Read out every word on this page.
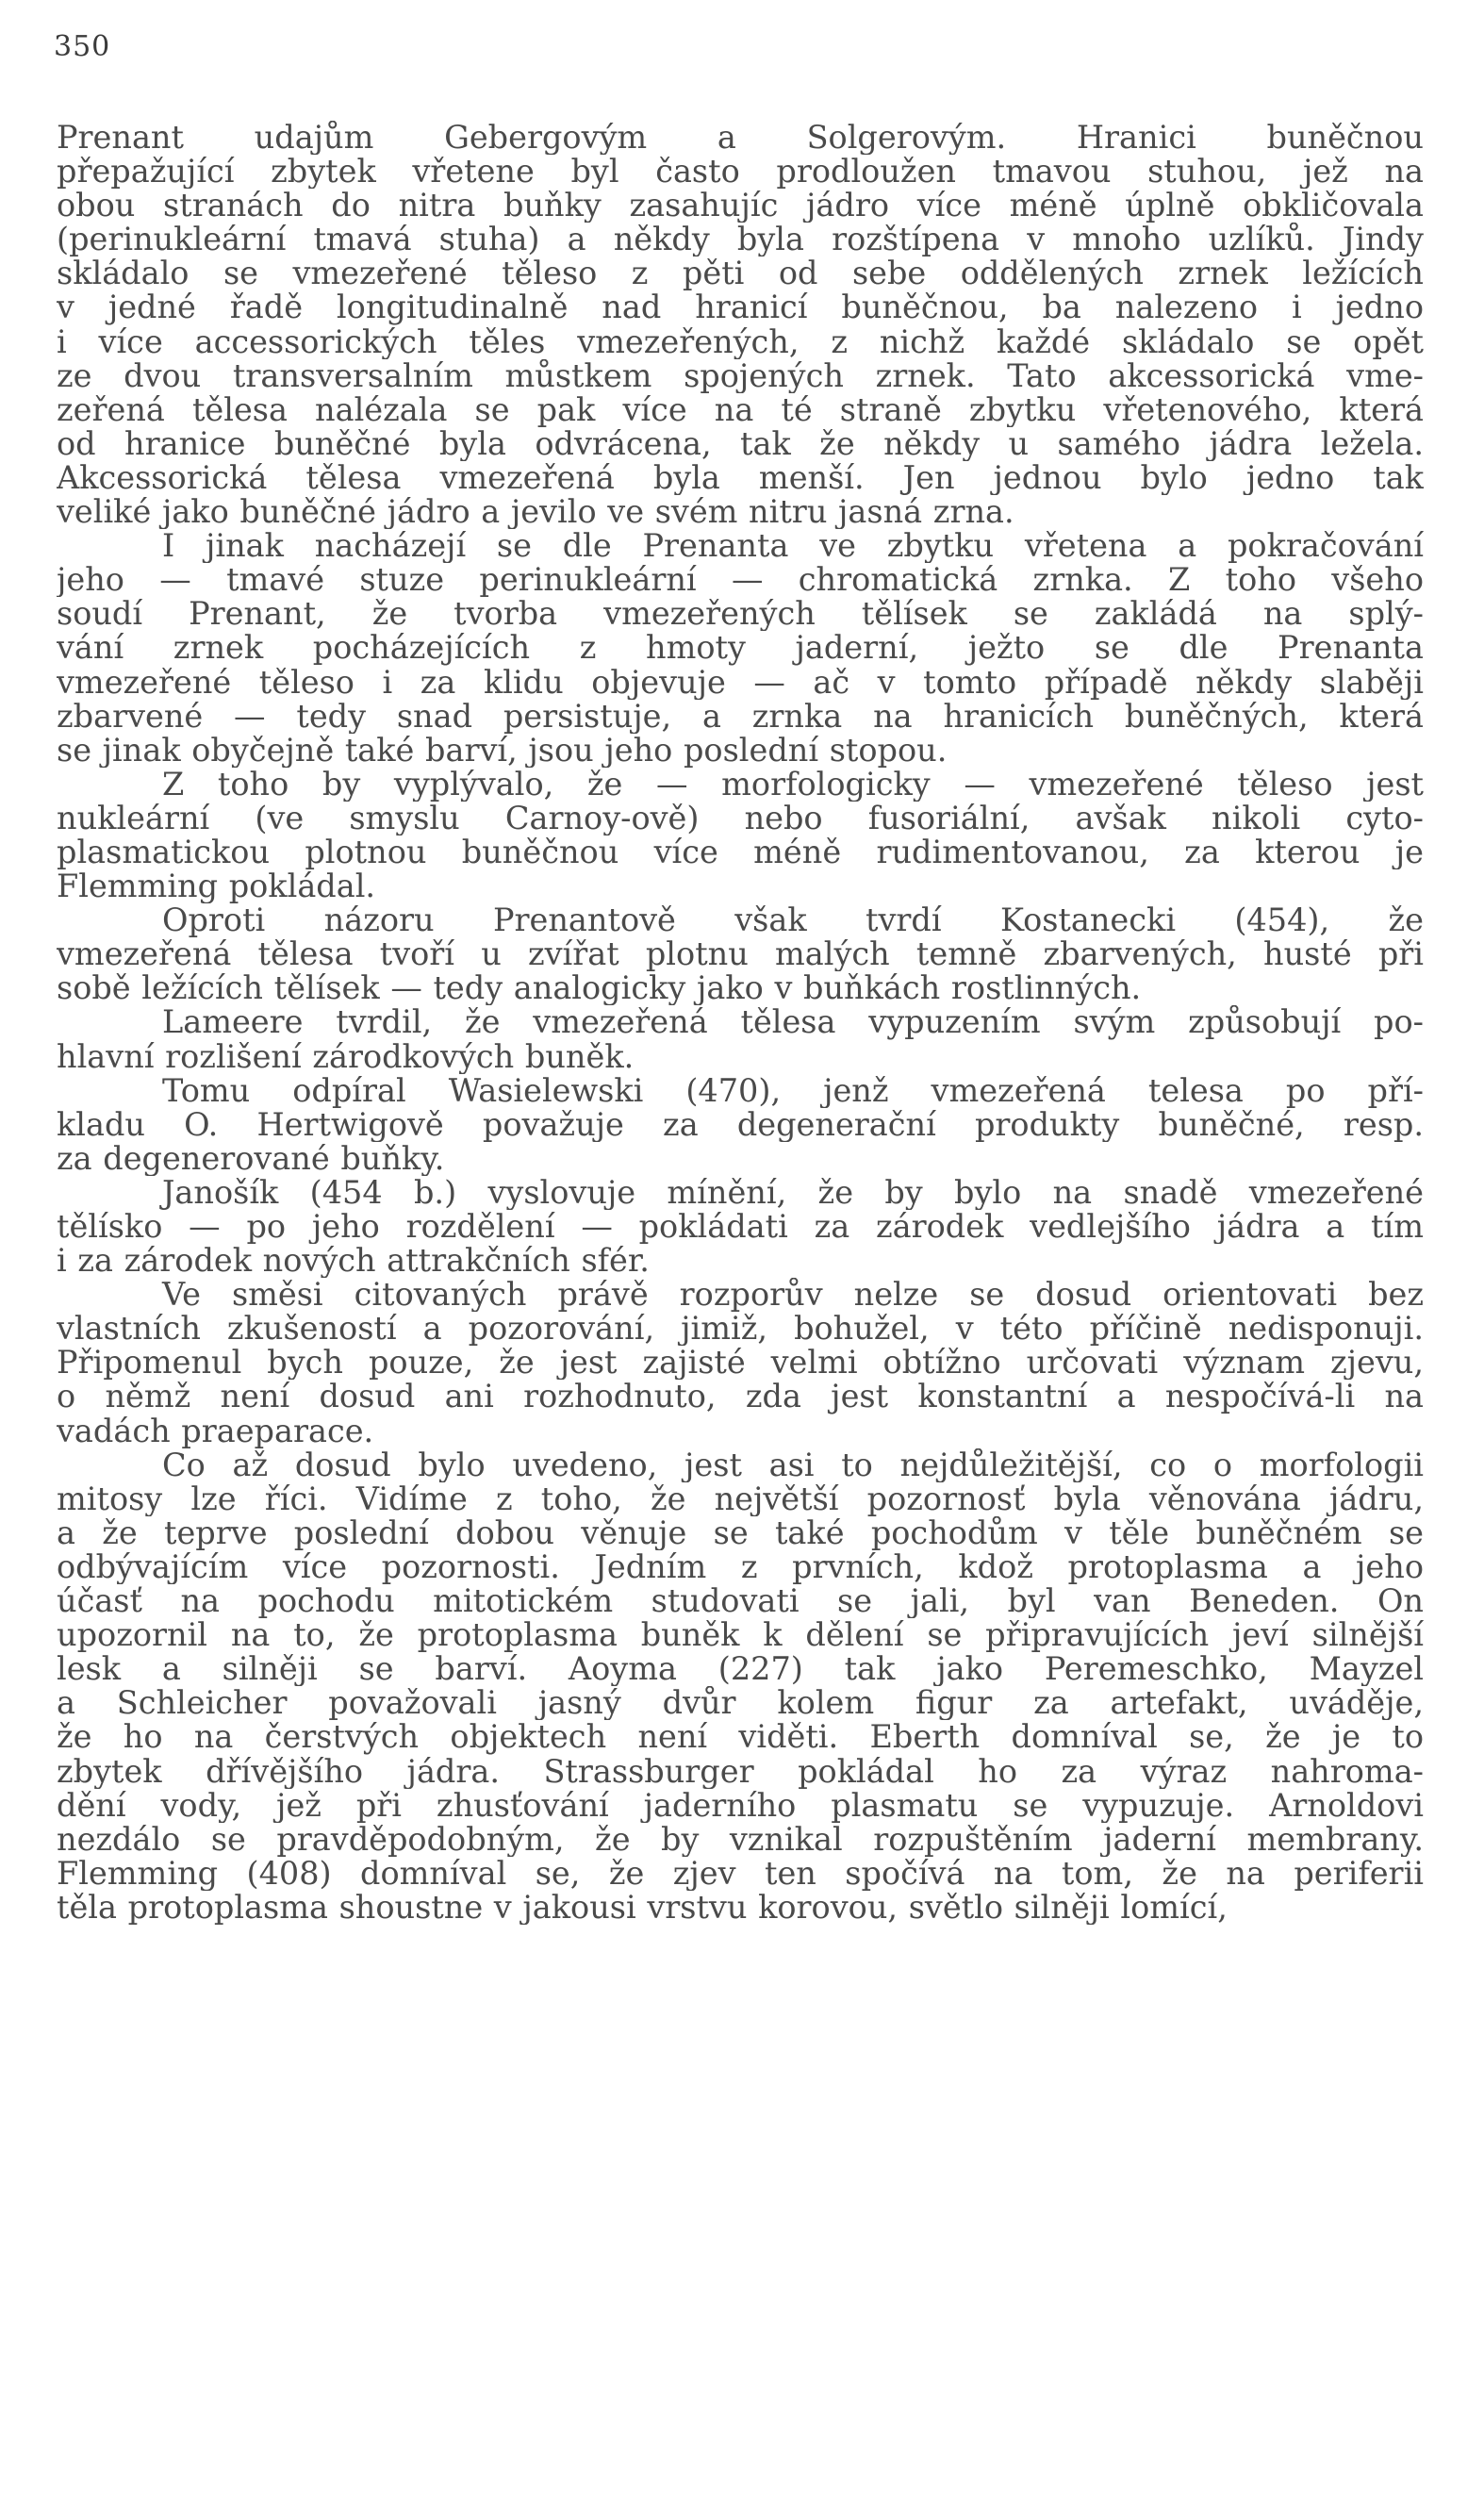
350
Prenant udajům Gebergovým a Solgerovým. Hranici buněčnou
přepažující zbytek vřetene byl často prodloužen tmavou stuhou, jež na
obou stranách do nitra buňky zasahujíc jádro více méně úplně obkličovala
(perinukleární tmavá stuha) a někdy byla rozštípena v mnoho uzlíků. Jindy
skládalo se vmezeřené těleso z pěti od sebe oddělených zrnek ležících
v jedné řadě longitudinalně nad hranicí buněčnou, ba nalezeno i jedno
i více accessorických těles vmezeřených, z nichž každé skládalo se opět
ze dvou transversalním můstkem spojených zrnek. Tato akcessorická vme-
zeřená tělesa nalézala se pak více na té straně zbytku vřetenového, která
od hranice buněčné byla odvrácena, tak že někdy u samého jádra ležela.
Akcessorická tělesa vmezeřená byla menší. Jen jednou bylo jedno tak
veliké jako buněčné jádro a jevilo ve svém nitru jasná zrna.
I jinak nacházejí se dle Prenanta ve zbytku vřetena a pokračování
jeho — tmavé stuze perinukleární — chromatická zrnka. Z toho všeho
soudí Prenant, že tvorba vmezeřených tělísek se zakládá na splý-
vání zrnek pocházejících z hmoty jaderní, ježto se dle Prenanta
vmezeřené těleso i za klidu objevuje — ač v tomto případě někdy slaběji
zbarvené — tedy snad persistuje, a zrnka na hranicích buněčných, která
se jinak obyčejně také barví, jsou jeho poslední stopou.
Z toho by vyplývalo, že — morfologicky — vmezeřené těleso jest
nukleární (ve smyslu Carnoy-ově) nebo fusoriální, avšak nikoli cyto-
plasmatickou plotnou buněčnou více méně rudimentovanou, za kterou je
Flemming pokládal.
Oproti názoru Prenantově však tvrdí Kostanecki (454), že
vmezeřená tělesa tvoří u zvířat plotnu malých temně zbarvených, husté při
sobě ležících tělísek — tedy analogicky jako v buňkách rostlinných.
Lameere tvrdil, že vmezeřená tělesa vypuzením svým způsobují po-
hlavní rozlišení zárodkových buněk.
Tomu odpíral Wasielewski (470), jenž vmezeřená telesa po pří-
kladu O. Hertwigově považuje za degenerační produkty buněčné, resp.
za degenerované buňky.
Janošík (454 b.) vyslovuje mínění, že by bylo na snadě vmezeřené
tělísko — po jeho rozdělení — pokládati za zárodek vedlejšího jádra a tím
i za zárodek nových attrakčních sfér.
Ve směsi citovaných právě rozporův nelze se dosud orientovati bez
vlastních zkušeností a pozorování, jimiž, bohužel, v této příčině nedisponuji.
Připomenul bych pouze, že jest zajisté velmi obtížno určovati význam zjevu,
o němž není dosud ani rozhodnuto, zda jest konstantní a nespočívá-li na
vadách praeparace.
Co až dosud bylo uvedeno, jest asi to nejdůležitější, co o morfologii
mitosy lze říci. Vidíme z toho, že největší pozornosť byla věnována jádru,
a že teprve poslední dobou věnuje se také pochodům v těle buněčném se
odbývajícím více pozornosti. Jedním z prvních, kdož protoplasma a jeho
účasť na pochodu mitotickém studovati se jali, byl van Beneden. On
upozornil na to, že protoplasma buněk k dělení se připravujících jeví silnější
lesk a silněji se barví. Aoyma (227) tak jako Peremeschko, Mayzel
a Schleicher považovali jasný dvůr kolem figur za artefakt, uváděje,
že ho na čerstvých objektech není viděti. Eberth domníval se, že je to
zbytek dřívějšího jádra. Strassburger pokládal ho za výraz nahroma-
dění vody, jež při zhusťování jaderního plasmatu se vypuzuje. Arnoldovi
nezdálo se pravděpodobným, že by vznikal rozpuštěním jaderní membrany.
Flemming (408) domníval se, že zjev ten spočívá na tom, že na periferii
těla protoplasma shoustne v jakousi vrstvu korovou, světlo silněji lomící,
